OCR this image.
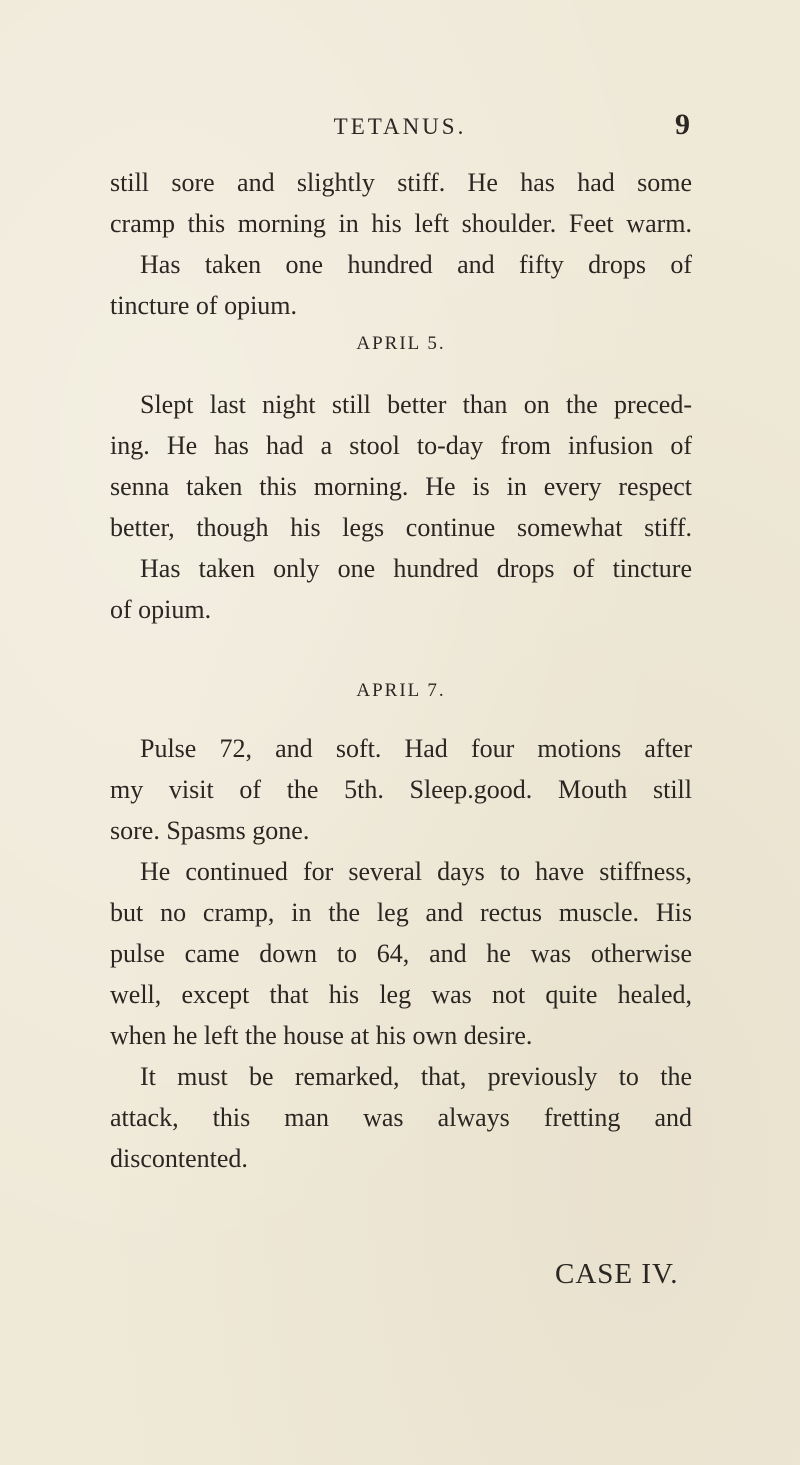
TETANUS.	9
still sore and slightly stiff. He has had some
cramp this morning in his left shoulder. Feet warm.
Has taken one hundred and fifty drops of
tincture of opium.
APRIL 5.
Slept last night still better than on the preced-
ing. He has had a stool to-day from infusion of
senna taken this morning. He is in every respect
better, though his legs continue somewhat stiff.
Has taken only one hundred drops of tincture
of opium.
APRIL 7.
Pulse 72, and soft. Had four motions after
my visit of the 5th. Sleep.good. Mouth still
sore. Spasms gone.
He continued for several days to have stiffness,
but no cramp, in the leg and rectus muscle. His
pulse came down to 64, and he was otherwise
well, except that his leg was not quite healed,
when he left the house at his own desire.
It must be remarked, that, previously to the
attack, this man was always fretting and
discontented.
CASE IV.
